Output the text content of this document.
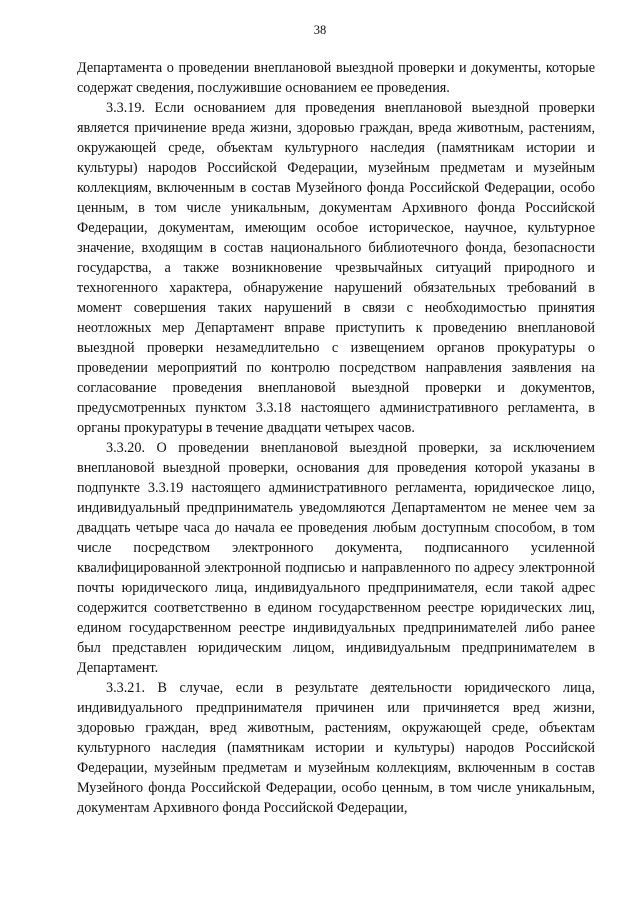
38

Департамента о проведении внеплановой выездной проверки и документы, которые содержат сведения, послужившие основанием ее проведения.

3.3.19. Если основанием для проведения внеплановой выездной проверки является причинение вреда жизни, здоровью граждан, вреда животным, растениям, окружающей среде, объектам культурного наследия (памятникам истории и культуры) народов Российской Федерации, музейным предметам и музейным коллекциям, включенным в состав Музейного фонда Российской Федерации, особо ценным, в том числе уникальным, документам Архивного фонда Российской Федерации, документам, имеющим особое историческое, научное, культурное значение, входящим в состав национального библиотечного фонда, безопасности государства, а также возникновение чрезвычайных ситуаций природного и техногенного характера, обнаружение нарушений обязательных требований в момент совершения таких нарушений в связи с необходимостью принятия неотложных мер Департамент вправе приступить к проведению внеплановой выездной проверки незамедлительно с извещением органов прокуратуры о проведении мероприятий по контролю посредством направления заявления на согласование проведения внеплановой выездной проверки и документов, предусмотренных пунктом 3.3.18 настоящего административного регламента, в органы прокуратуры в течение двадцати четырех часов.

3.3.20. О проведении внеплановой выездной проверки, за исключением внеплановой выездной проверки, основания для проведения которой указаны в подпункте 3.3.19 настоящего административного регламента, юридическое лицо, индивидуальный предприниматель уведомляются Департаментом не менее чем за двадцать четыре часа до начала ее проведения любым доступным способом, в том числе посредством электронного документа, подписанного усиленной квалифицированной электронной подписью и направленного по адресу электронной почты юридического лица, индивидуального предпринимателя, если такой адрес содержится соответственно в едином государственном реестре юридических лиц, едином государственном реестре индивидуальных предпринимателей либо ранее был представлен юридическим лицом, индивидуальным предпринимателем в Департамент.

3.3.21. В случае, если в результате деятельности юридического лица, индивидуального предпринимателя причинен или причиняется вред жизни, здоровью граждан, вред животным, растениям, окружающей среде, объектам культурного наследия (памятникам истории и культуры) народов Российской Федерации, музейным предметам и музейным коллекциям, включенным в состав Музейного фонда Российской Федерации, особо ценным, в том числе уникальным, документам Архивного фонда Российской Федерации,
